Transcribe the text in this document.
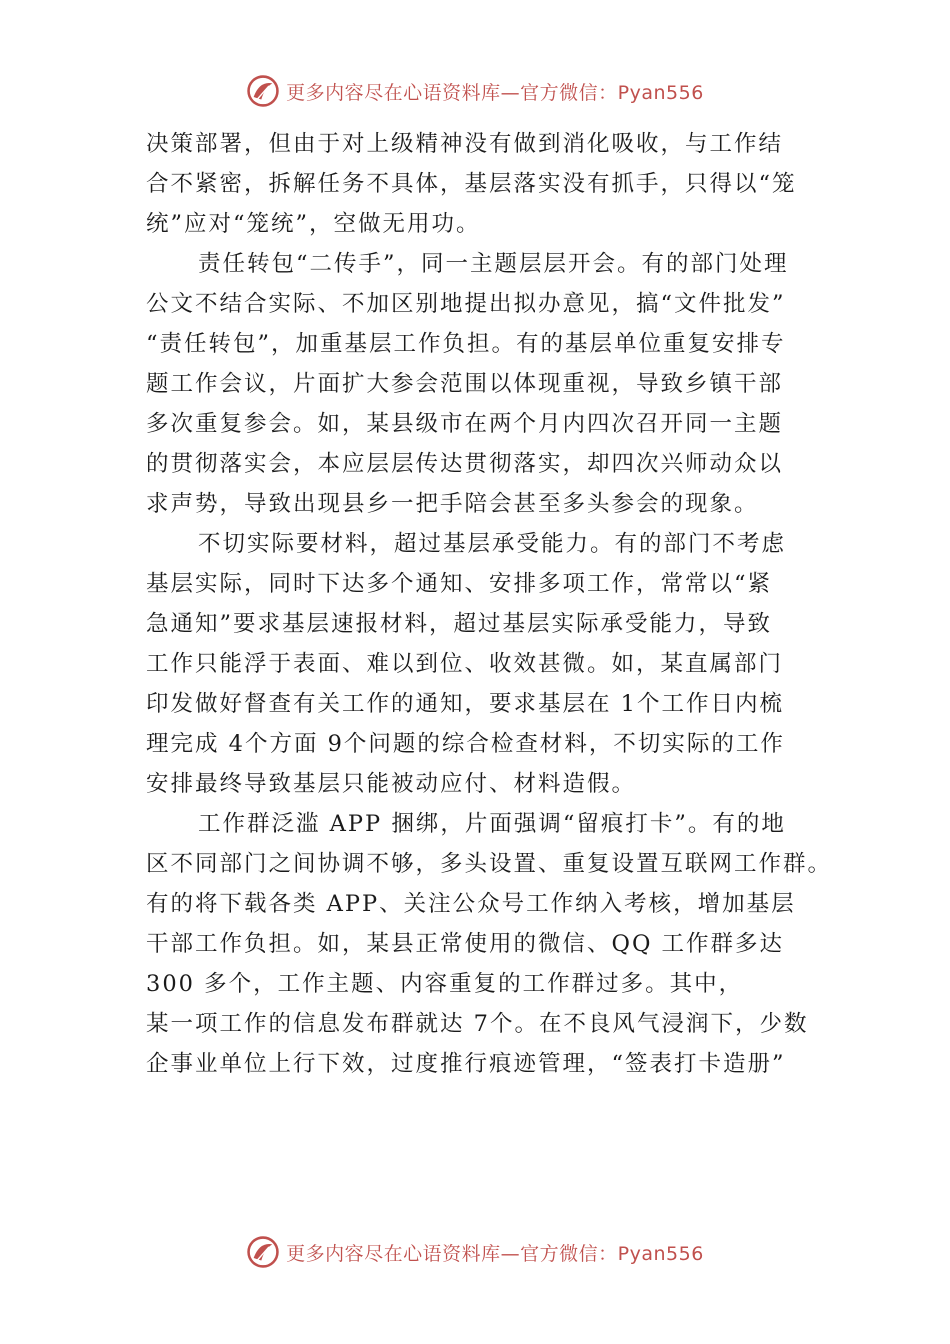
更多内容尽在心语资料库—官方微信：Pyan556
决策部署，但由于对上级精神没有做到消化吸收，与工作结
合不紧密，拆解任务不具体，基层落实没有抓手，只得以“笼
统”应对“笼统”，空做无用功。
责任转包“二传手”，同一主题层层开会。有的部门处理
公文不结合实际、不加区别地提出拟办意见，搞“文件批发”
“责任转包”，加重基层工作负担。有的基层单位重复安排专
题工作会议，片面扩大参会范围以体现重视，导致乡镇干部
多次重复参会。如，某县级市在两个月内四次召开同一主题
的贯彻落实会，本应层层传达贯彻落实，却四次兴师动众以
求声势，导致出现县乡一把手陪会甚至多头参会的现象。
不切实际要材料，超过基层承受能力。有的部门不考虑
基层实际，同时下达多个通知、安排多项工作，常常以“紧
急通知”要求基层速报材料，超过基层实际承受能力，导致
工作只能浮于表面、难以到位、收效甚微。如，某直属部门
印发做好督查有关工作的通知，要求基层在 1个工作日内梳
理完成 4个方面 9个问题的综合检查材料，不切实际的工作
安排最终导致基层只能被动应付、材料造假。
工作群泛滥 APP 捆绑，片面强调“留痕打卡”。有的地
区不同部门之间协调不够，多头设置、重复设置互联网工作群。
有的将下载各类 APP、关注公众号工作纳入考核，增加基层
干部工作负担。如，某县正常使用的微信、QQ 工作群多达
300 多个，工作主题、内容重复的工作群过多。其中，
某一项工作的信息发布群就达 7个。在不良风气浸润下，少数
企事业单位上行下效，过度推行痕迹管理，“签表打卡造册”
更多内容尽在心语资料库—官方微信：Pyan556
